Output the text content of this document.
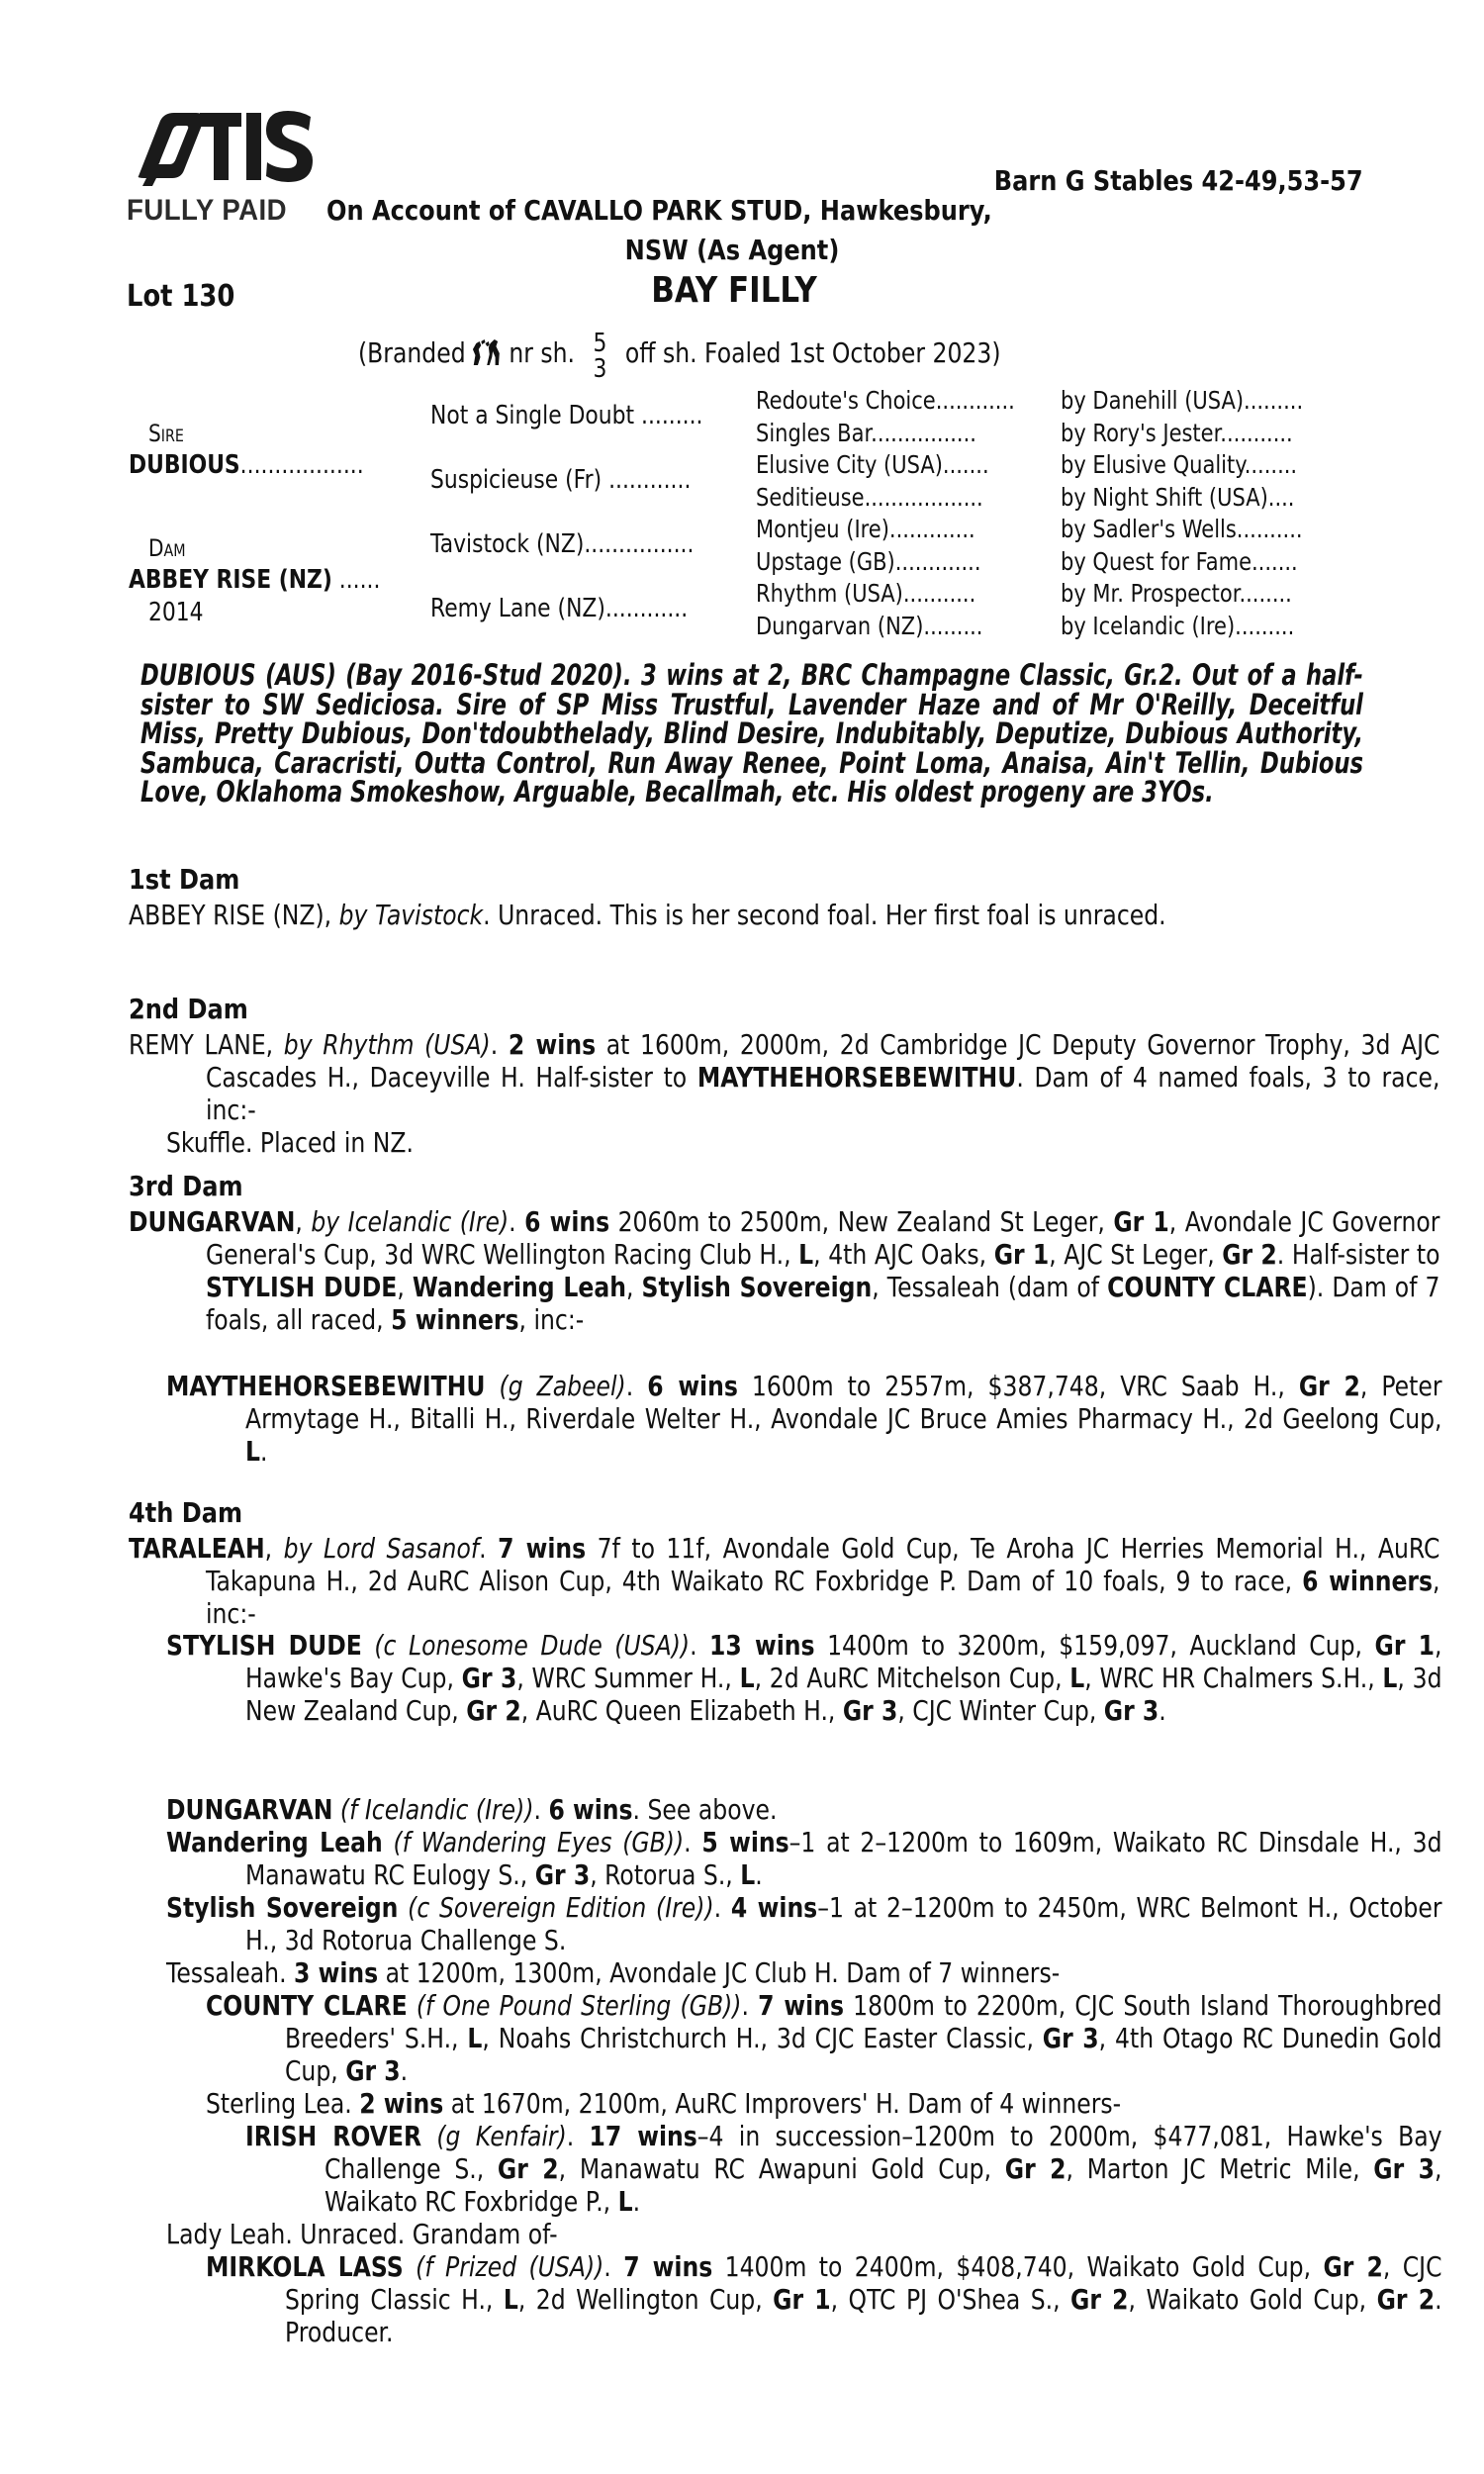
FULLY PAID
Barn G Stables 42-49,53-57
On Account of CAVALLO PARK STUD, Hawkesbury,
NSW (As Agent)
Lot 130	BAY FILLY
(Branded nr sh. 5
3
off sh. Foaled 1st October 2023)
Sire
DUBIOUS..................
Dam
ABBEY RISE (NZ) ......
2014
Not a Single Doubt .........
Suspicieuse (Fr) ............
Tavistock (NZ)................
Remy Lane (NZ)............
Redoute's Choice............ by Danehill (USA).........
Singles Bar................	by Rory's Jester...........
Elusive City (USA).......	by Elusive Quality........
Seditieuse..................	by Night Shift (USA)....
Montjeu (Ire).............	by Sadler's Wells..........
Upstage (GB).............	by Quest for Fame.......
Rhythm (USA)...........	by Mr. Prospector........
Dungarvan (NZ).........	by Icelandic (Ire).........
DUBIOUS (AUS) (Bay 2016-Stud 2020). 3 wins at 2, BRC Champagne Classic, Gr.2. Out of a half-sister to SW Sediciosa. Sire of SP Miss Trustful, Lavender Haze and of Mr O'Reilly, Deceitful Miss, Pretty Dubious, Don'tdoubthelady, Blind Desire, Indubitably, Deputize, Dubious Authority, Sambuca, Caracristi, Outta Control, Run Away Renee, Point Loma, Anaisa, Ain't Tellin, Dubious Love, Oklahoma Smokeshow, Arguable, Becallmah, etc. His oldest progeny are 3YOs.
1st Dam
ABBEY RISE (NZ), by Tavistock. Unraced. This is her second foal. Her first foal is unraced.
2nd Dam
REMY LANE, by Rhythm (USA). 2 wins at 1600m, 2000m, 2d Cambridge JC Deputy Governor Trophy, 3d AJC Cascades H., Daceyville H. Half-sister to MAYTHEHORSEBEWITHU. Dam of 4 named foals, 3 to race, inc:-
Skuffle. Placed in NZ.
3rd Dam
DUNGARVAN, by Icelandic (Ire). 6 wins 2060m to 2500m, New Zealand St Leger, Gr 1, Avondale JC Governor General's Cup, 3d WRC Wellington Racing Club H., L, 4th AJC Oaks, Gr 1, AJC St Leger, Gr 2. Half-sister to STYLISH DUDE, Wandering Leah, Stylish Sovereign, Tessaleah (dam of COUNTY CLARE). Dam of 7 foals, all raced, 5 winners, inc:-
MAYTHEHORSEBEWITHU (g Zabeel). 6 wins 1600m to 2557m, $387,748, VRC Saab H., Gr 2, Peter Armytage H., Bitalli H., Riverdale Welter H., Avondale JC Bruce Amies Pharmacy H., 2d Geelong Cup, L.
4th Dam
TARALEAH, by Lord Sasanof. 7 wins 7f to 11f, Avondale Gold Cup, Te Aroha JC Herries Memorial H., AuRC Takapuna H., 2d AuRC Alison Cup, 4th Waikato RC Foxbridge P. Dam of 10 foals, 9 to race, 6 winners, inc:-
STYLISH DUDE (c Lonesome Dude (USA)). 13 wins 1400m to 3200m, $159,097, Auckland Cup, Gr 1, Hawke's Bay Cup, Gr 3, WRC Summer H., L, 2d AuRC Mitchelson Cup, L, WRC HR Chalmers S.H., L, 3d New Zealand Cup, Gr 2, AuRC Queen Elizabeth H., Gr 3, CJC Winter Cup, Gr 3.
DUNGARVAN (f Icelandic (Ire)). 6 wins. See above.
Wandering Leah (f Wandering Eyes (GB)). 5 wins–1 at 2–1200m to 1609m, Waikato RC Dinsdale H., 3d Manawatu RC Eulogy S., Gr 3, Rotorua S., L.
Stylish Sovereign (c Sovereign Edition (Ire)). 4 wins–1 at 2–1200m to 2450m, WRC Belmont H., October H., 3d Rotorua Challenge S.
Tessaleah. 3 wins at 1200m, 1300m, Avondale JC Club H. Dam of 7 winners-
COUNTY CLARE (f One Pound Sterling (GB)). 7 wins 1800m to 2200m, CJC South Island Thoroughbred Breeders' S.H., L, Noahs Christchurch H., 3d CJC Easter Classic, Gr 3, 4th Otago RC Dunedin Gold Cup, Gr 3.
Sterling Lea. 2 wins at 1670m, 2100m, AuRC Improvers' H. Dam of 4 winners-
IRISH ROVER (g Kenfair). 17 wins–4 in succession–1200m to 2000m, $477,081, Hawke's Bay Challenge S., Gr 2, Manawatu RC Awapuni Gold Cup, Gr 2, Marton JC Metric Mile, Gr 3, Waikato RC Foxbridge P., L.
Lady Leah. Unraced. Grandam of-
MIRKOLA LASS (f Prized (USA)). 7 wins 1400m to 2400m, $408,740, Waikato Gold Cup, Gr 2, CJC Spring Classic H., L, 2d Wellington Cup, Gr 1, QTC PJ O'Shea S., Gr 2, Waikato Gold Cup, Gr 2. Producer.
